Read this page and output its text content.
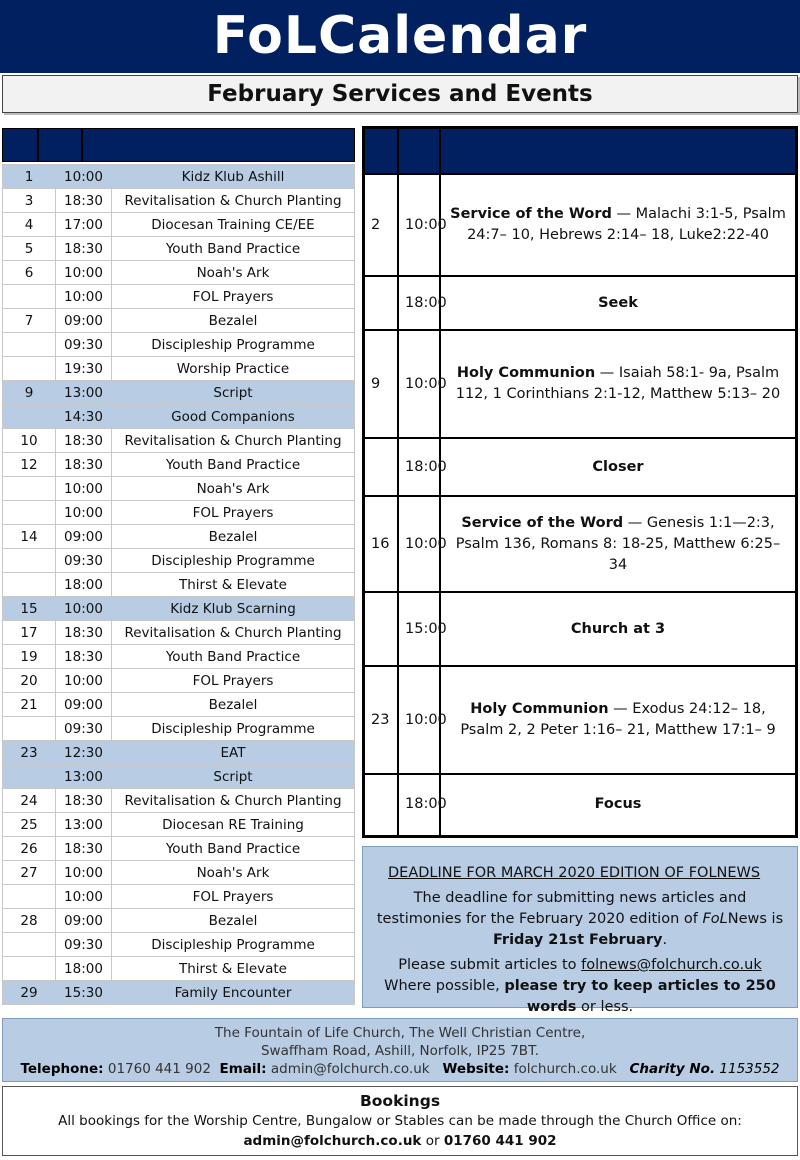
FoLCalendar
February Services and Events
1	10:00	Kidz Klub Ashill
3	18:30	Revitalisation & Church Planting
4	17:00	Diocesan Training CE/EE
5	18:30	Youth Band Practice
6	10:00	Noah's Ark
	10:00	FOL Prayers
7	09:00	Bezalel
	09:30	Discipleship Programme
	19:30	Worship Practice
9	13:00	Script
	14:30	Good Companions
10	18:30	Revitalisation & Church Planting
12	18:30	Youth Band Practice
	10:00	Noah's Ark
	10:00	FOL Prayers
14	09:00	Bezalel
	09:30	Discipleship Programme
	18:00	Thirst & Elevate
15	10:00	Kidz Klub Scarning
17	18:30	Revitalisation & Church Planting
19	18:30	Youth Band Practice
20	10:00	FOL Prayers
21	09:00	Bezalel
	09:30	Discipleship Programme
23	12:30	EAT
	13:00	Script
24	18:30	Revitalisation & Church Planting
25	13:00	Diocesan RE Training
26	18:30	Youth Band Practice
27	10:00	Noah's Ark
	10:00	FOL Prayers
28	09:00	Bezalel
	09:30	Discipleship Programme
	18:00	Thirst & Elevate
29	15:30	Family Encounter

2	10:00	Service of the Word — Malachi 3:1-5, Psalm 24:7– 10, Hebrews 2:14– 18, Luke2:22-40
	18:00	Seek
9	10:00	Holy Communion — Isaiah 58:1- 9a, Psalm 112, 1 Corinthians 2:1-12, Matthew 5:13– 20
	18:00	Closer
16	10:00	Service of the Word — Genesis 1:1—2:3, Psalm 136, Romans 8: 18-25, Matthew 6:25– 34
	15:00	Church at 3
23	10:00	Holy Communion — Exodus 24:12– 18, Psalm 2, 2 Peter 1:16– 21, Matthew 17:1– 9
	18:00	Focus
DEADLINE FOR MARCH 2020 EDITION OF FOLNEWS

The deadline for submitting news articles and testimonies for the February 2020 edition of FoLNews is Friday 21st February.

Please submit articles to folnews@folchurch.co.uk Where possible, please try to keep articles to 250 words or less.

The Fountain of Life Church, The Well Christian Centre,
Swaffham Road, Ashill, Norfolk, IP25 7BT.
Telephone: 01760 441 902 Email: admin@folchurch.co.uk Website: folchurch.co.uk Charity No. 1153552
Bookings
All bookings for the Worship Centre, Bungalow or Stables can be made through the Church Office on:
admin@folchurch.co.uk or 01760 441 902
